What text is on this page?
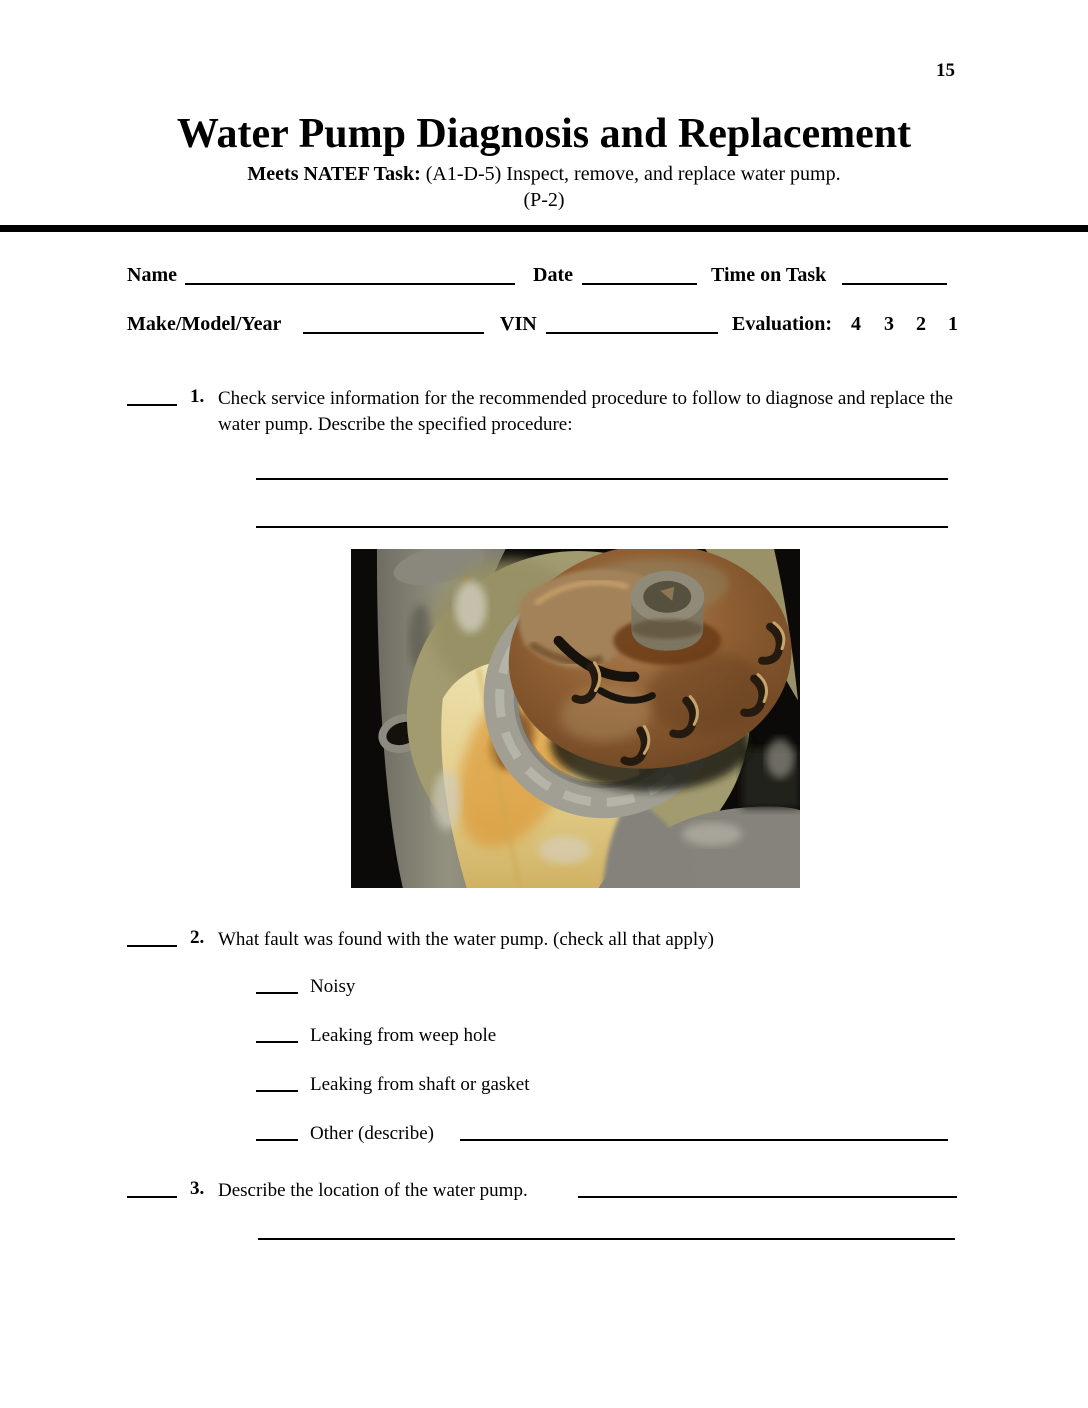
15
Water Pump Diagnosis and Replacement
Meets NATEF Task: (A1-D-5) Inspect, remove, and replace water pump.
(P-2)
Name	Date	Time on Task
Make/Model/Year	VIN	Evaluation: 4 3 2 1
1. Check service information for the recommended procedure to follow to diagnose and replace the water pump. Describe the specified procedure:
2. What fault was found with the water pump. (check all that apply)
Noisy
Leaking from weep hole
Leaking from shaft or gasket
Other (describe)
3. Describe the location of the water pump.
